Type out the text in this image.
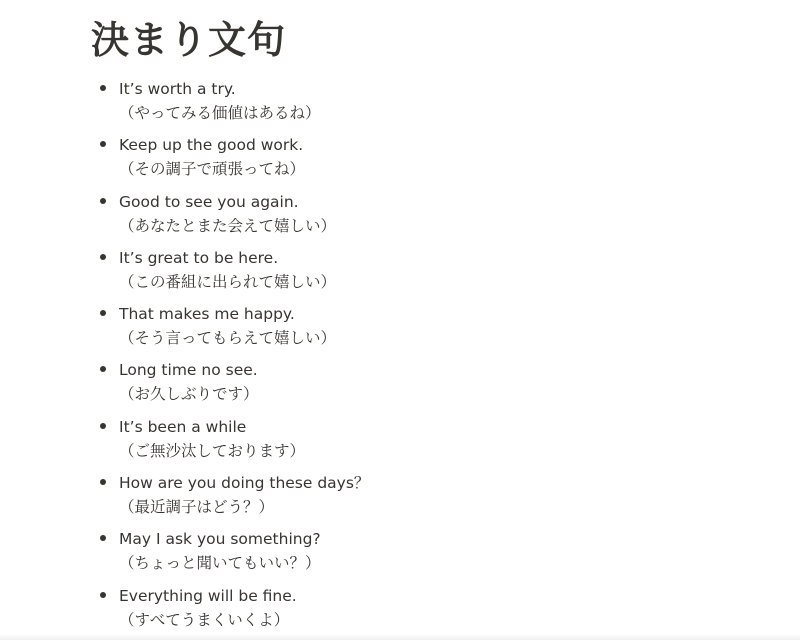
決まり文句
It’s worth a try.
（やってみる価値はあるね）
Keep up the good work.
（その調子で頑張ってね）
Good to see you again.
（あなたとまた会えて嬉しい）
It’s great to be here.
（この番組に出られて嬉しい）
That makes me happy.
（そう言ってもらえて嬉しい）
Long time no see.
（お久しぶりです）
It’s been a while
（ご無沙汰しております）
How are you doing these days？
（最近調子はどう？）
May I ask you something?
（ちょっと聞いてもいい？）
Everything will be fine.
（すべてうまくいくよ）
